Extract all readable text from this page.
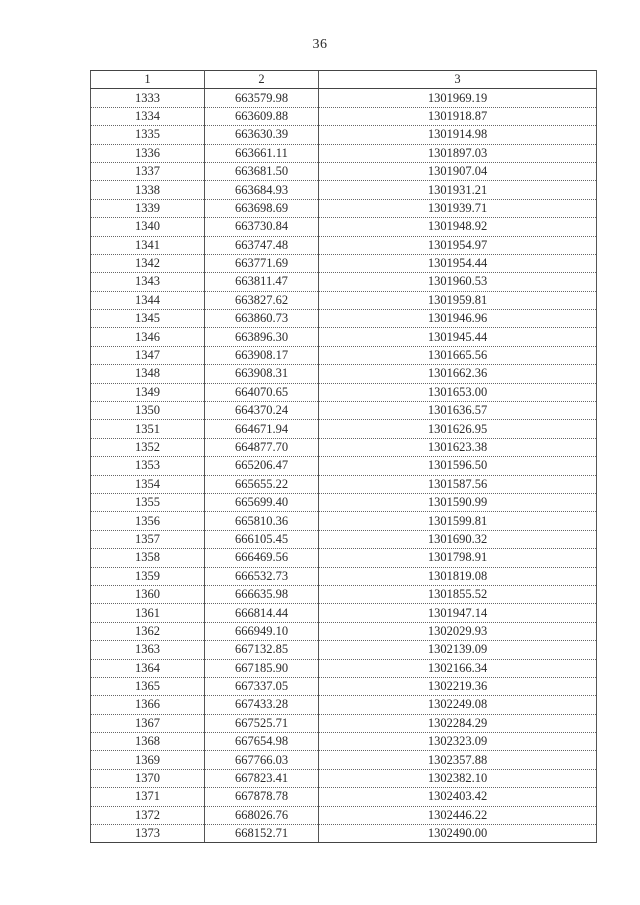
36
1	2	3
1333	663579.98	1301969.19
1334	663609.88	1301918.87
1335	663630.39	1301914.98
1336	663661.11	1301897.03
1337	663681.50	1301907.04
1338	663684.93	1301931.21
1339	663698.69	1301939.71
1340	663730.84	1301948.92
1341	663747.48	1301954.97
1342	663771.69	1301954.44
1343	663811.47	1301960.53
1344	663827.62	1301959.81
1345	663860.73	1301946.96
1346	663896.30	1301945.44
1347	663908.17	1301665.56
1348	663908.31	1301662.36
1349	664070.65	1301653.00
1350	664370.24	1301636.57
1351	664671.94	1301626.95
1352	664877.70	1301623.38
1353	665206.47	1301596.50
1354	665655.22	1301587.56
1355	665699.40	1301590.99
1356	665810.36	1301599.81
1357	666105.45	1301690.32
1358	666469.56	1301798.91
1359	666532.73	1301819.08
1360	666635.98	1301855.52
1361	666814.44	1301947.14
1362	666949.10	1302029.93
1363	667132.85	1302139.09
1364	667185.90	1302166.34
1365	667337.05	1302219.36
1366	667433.28	1302249.08
1367	667525.71	1302284.29
1368	667654.98	1302323.09
1369	667766.03	1302357.88
1370	667823.41	1302382.10
1371	667878.78	1302403.42
1372	668026.76	1302446.22
1373	668152.71	1302490.00
